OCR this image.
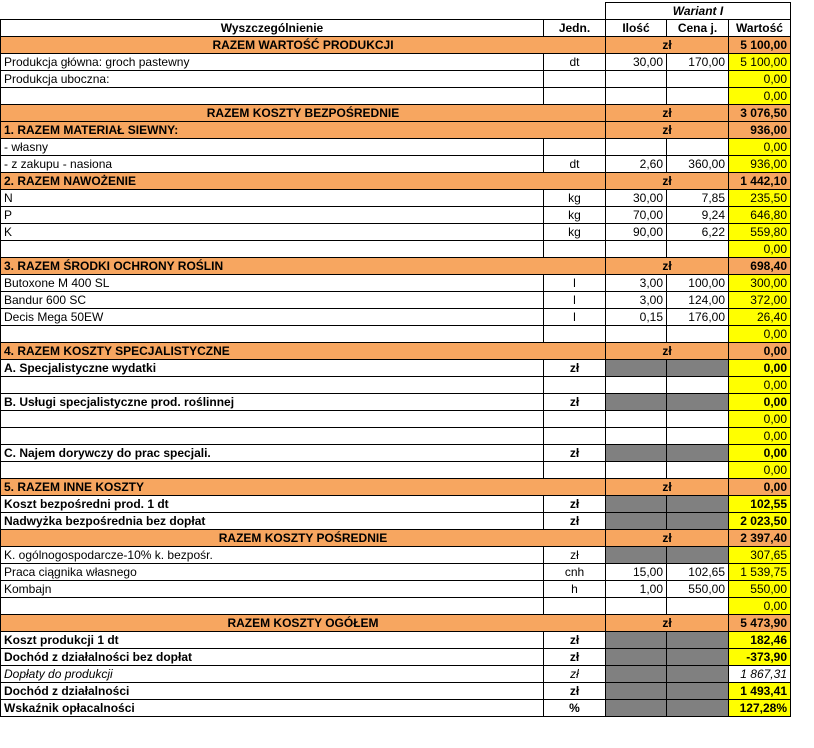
		Wariant I		
Wyszczególnienie	Jedn.	Ilość	Cena j.	Wartość
RAZEM WARTOŚĆ PRODUKCJI		zł		5 100,00
Produkcja główna: groch pastewny	dt	30,00	170,00	5 100,00
Produkcja uboczna:				0,00
				0,00
RAZEM KOSZTY BEZPOŚREDNIE		zł		3 076,50
1. RAZEM MATERIAŁ SIEWNY:		zł		936,00
- własny				0,00
- z zakupu - nasiona	dt	2,60	360,00	936,00
2. RAZEM NAWOŻENIE		zł		1 442,10
N	kg	30,00	7,85	235,50
P	kg	70,00	9,24	646,80
K	kg	90,00	6,22	559,80
				0,00
3. RAZEM ŚRODKI OCHRONY ROŚLIN		zł		698,40
Butoxone M 400 SL	l	3,00	100,00	300,00
Bandur 600 SC	l	3,00	124,00	372,00
Decis Mega 50EW	l	0,15	176,00	26,40
				0,00
4. RAZEM KOSZTY SPECJALISTYCZNE		zł		0,00
A. Specjalistyczne wydatki	zł			0,00
				0,00
B. Usługi specjalistyczne prod. roślinnej	zł			0,00
				0,00
				0,00
C. Najem dorywczy do prac specjali.	zł			0,00
				0,00
5. RAZEM INNE KOSZTY		zł		0,00
Koszt bezpośredni prod. 1 dt	zł			102,55
Nadwyżka bezpośrednia bez dopłat	zł			2 023,50
RAZEM KOSZTY POŚREDNIE		zł		2 397,40
K. ogólnogospodarcze-10% k. bezpośr.	zł			307,65
Praca ciągnika własnego	cnh	15,00	102,65	1 539,75
Kombajn	h	1,00	550,00	550,00
				0,00
RAZEM KOSZTY OGÓŁEM		zł		5 473,90
Koszt produkcji 1 dt	zł			182,46
Dochód z działalności bez dopłat	zł			-373,90
Dopłaty do produkcji	zł			1 867,31
Dochód z działalności	zł			1 493,41
Wskaźnik opłacalności	%			127,28%
